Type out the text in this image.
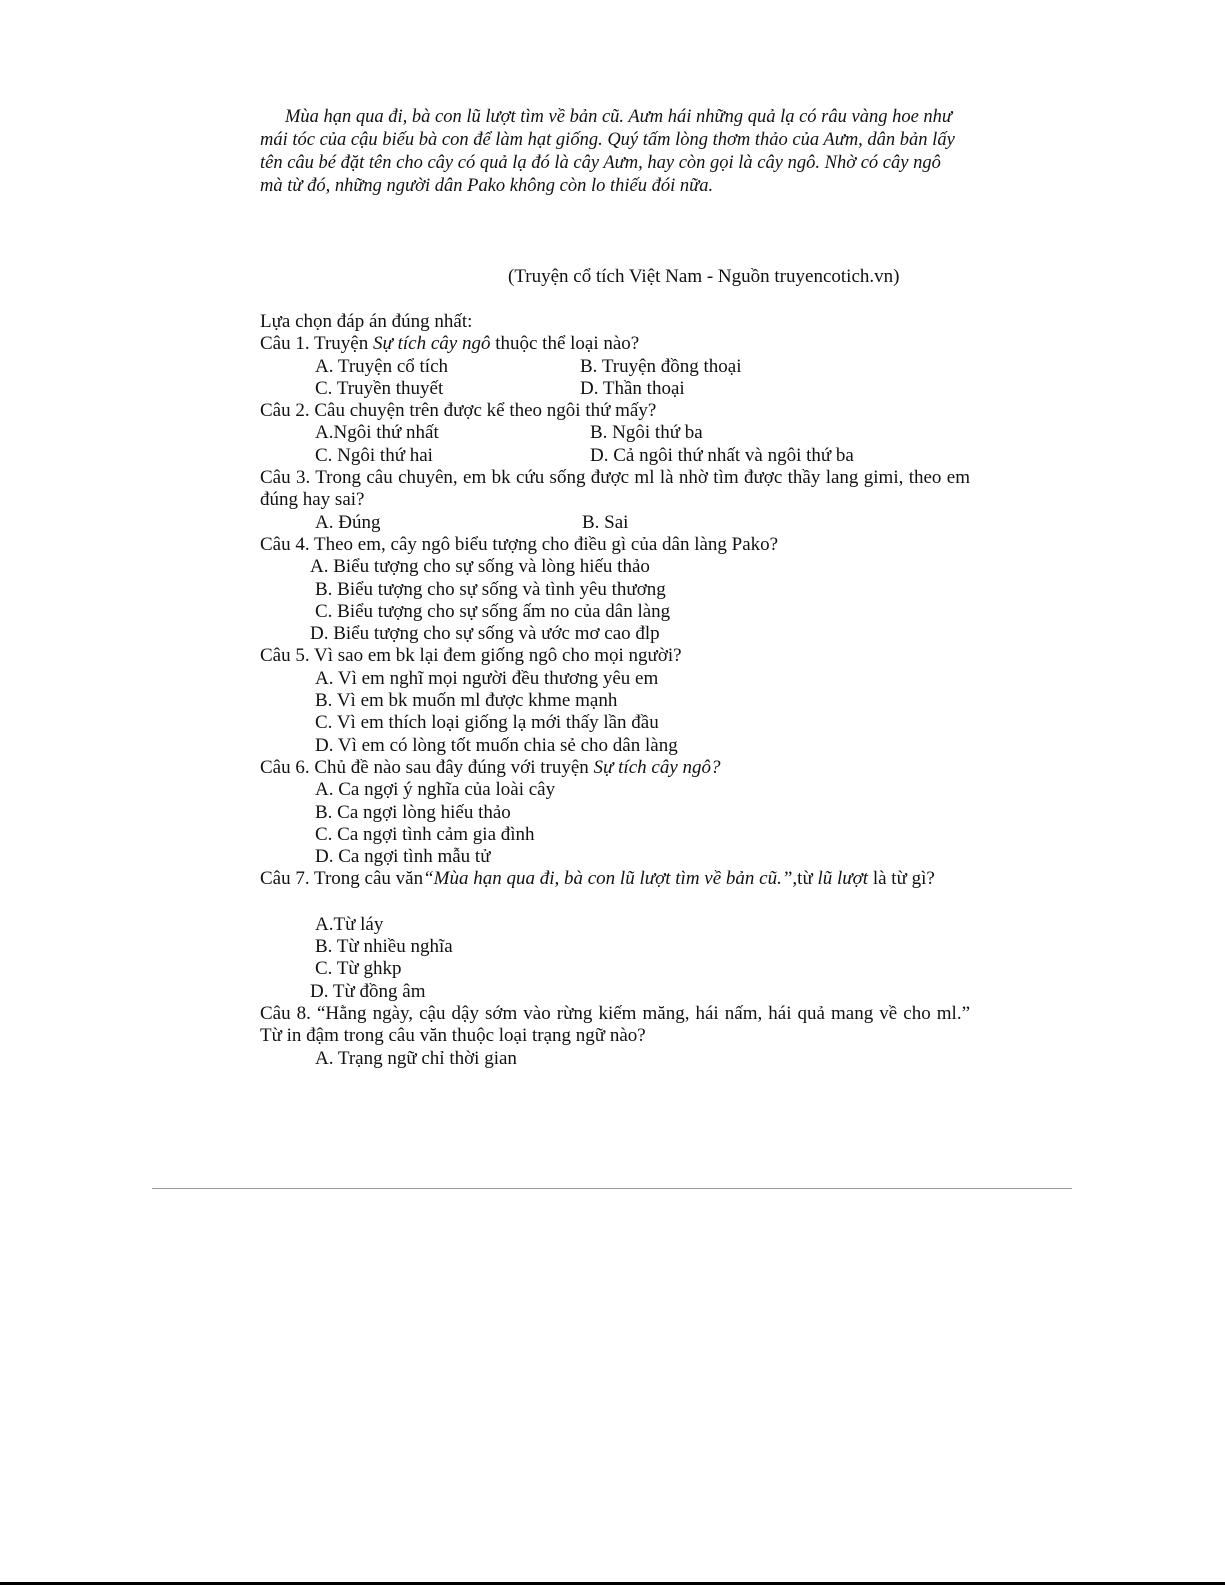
Mùa hạn qua đi, bà con lũ lượt tìm về bản cũ. Aưm hái những quả lạ có râu vàng hoe như mái tóc của cậu biếu bà con để làm hạt giống. Quý tấm lòng thơm thảo của Aưm, dân bản lấy tên câu bé đặt tên cho cây có quả lạ đó là cây Aưm, hay còn gọi là cây ngô. Nhờ có cây ngô mà từ đó, những người dân Pako không còn lo thiếu đói nữa.

(Truyện cổ tích Việt Nam - Nguồn truyencotich.vn)
Lựa chọn đáp án đúng nhất:
Câu 1. Truyện Sự tích cây ngô thuộc thể loại nào?
A. Truyện cổ tích	B. Truyện đồng thoại
C. Truyền thuyết	D. Thần thoại
Câu 2. Câu chuyện trên được kể theo ngôi thứ mấy?
A.Ngôi thứ nhất	B. Ngôi thứ ba
C. Ngôi thứ hai	D. Cả ngôi thứ nhất và ngôi thứ ba
Câu 3. Trong câu chuyên, em bk cứu sống được ml là nhờ tìm được thầy lang gimi, theo em đúng hay sai?
A. Đúng	B. Sai
Câu 4. Theo em, cây ngô biểu tượng cho điều gì của dân làng Pako?
A. Biểu tượng cho sự sống và lòng hiếu thảo
B. Biểu tượng cho sự sống và tình yêu thương
C. Biểu tượng cho sự sống ấm no của dân làng
D. Biểu tượng cho sự sống và ước mơ cao đlp
Câu 5. Vì sao em bk lại đem giống ngô cho mọi người?
A. Vì em nghĩ mọi người đều thương yêu em
B. Vì em bk muốn ml được khme mạnh
C. Vì em thích loại giống lạ mới thấy lần đầu
D. Vì em có lòng tốt muốn chia sẻ cho dân làng
Câu 6. Chủ đề nào sau đây đúng với truyện Sự tích cây ngô?
A. Ca ngợi ý nghĩa của loài cây
B. Ca ngợi lòng hiếu thảo
C. Ca ngợi tình cảm gia đình
D. Ca ngợi tình mẫu tử
Câu 7. Trong câu văn“Mùa hạn qua đi, bà con lũ lượt tìm về bản cũ.”,từ lũ lượt là từ gì?
A.Từ láy
B. Từ nhiều nghĩa
C. Từ ghkp
D. Từ đồng âm
Câu 8. “Hằng ngày, cậu dậy sớm vào rừng kiếm măng, hái nấm, hái quả mang về cho ml.” Từ in đậm trong câu văn thuộc loại trạng ngữ nào?
A. Trạng ngữ chỉ thời gian
